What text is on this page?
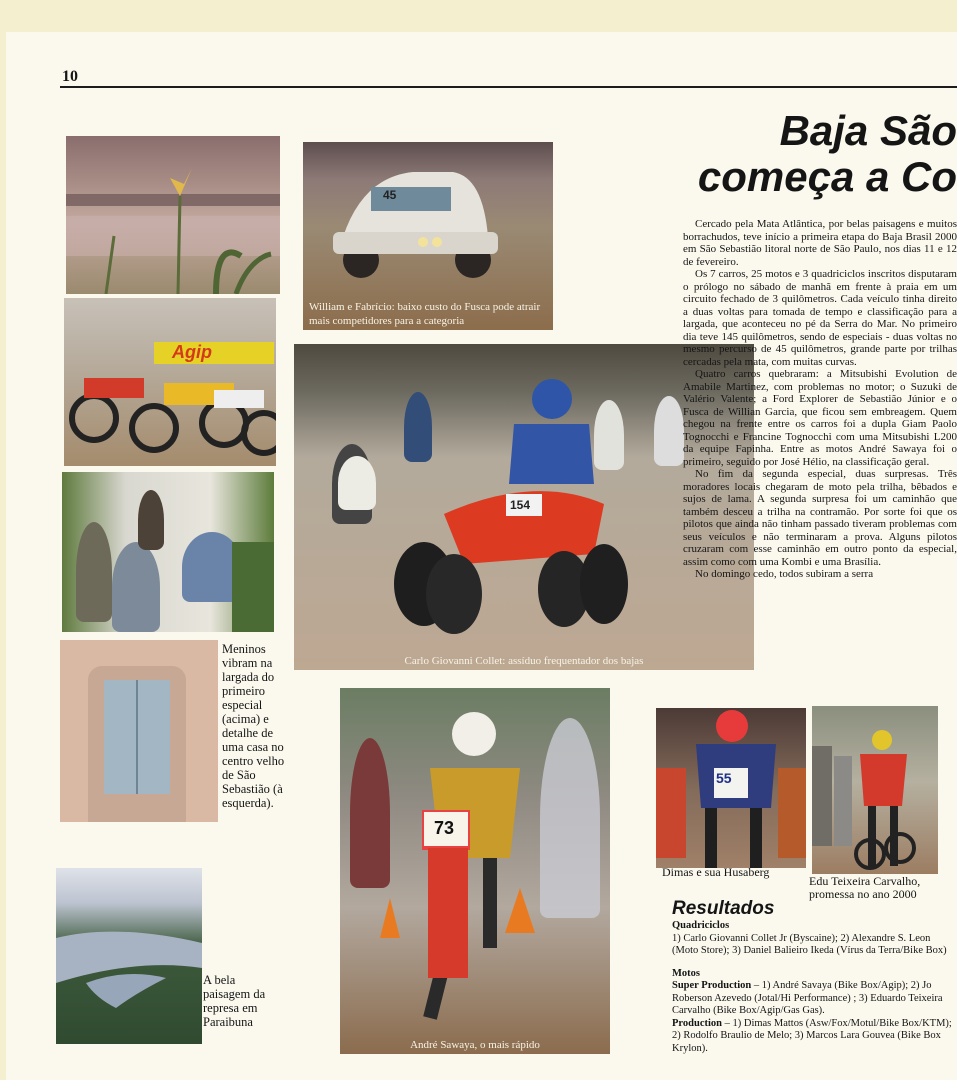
10
Agip
Meninos vibram na largada do primeiro especial (acima) e detalhe de uma casa no centro velho de São Sebastião (à esquerda).
A bela paisagem da represa em Paraibuna
45
William e Fabrício: baixo custo do Fusca pode atrair mais competidores para a categoria
154
Carlo Giovanni Collet: assíduo frequentador dos bajas
Baja São
começa a Co

Cercado pela Mata Atlântica, por belas paisagens e muitos borrachudos, teve início a primeira etapa do Baja Brasil 2000 em São Sebastião litoral norte de São Paulo, nos dias 11 e 12 de fevereiro.

Os 7 carros, 25 motos e 3 quadriciclos inscritos disputaram o prólogo no sábado de manhã em frente à praia em um circuito fechado de 3 quilômetros. Cada veículo tinha direito a duas voltas para tomada de tempo e classificação para a largada, que aconteceu no pé da Serra do Mar. No primeiro dia teve 145 quilômetros, sendo de especiais - duas voltas no mesmo percurso de 45 quilômetros, grande parte por trilhas cercadas pela mata, com muitas curvas.

Quatro carros quebraram: a Mitsubishi Evolution de Amabile Martinez, com problemas no motor; o Suzuki de Valério Valente; a Ford Explorer de Sebastião Júnior e o Fusca de Willian Garcia, que ficou sem embreagem. Quem chegou na frente entre os carros foi a dupla Giam Paolo Tognocchi e Francine Tognocchi com uma Mitsubishi L200 da equipe Fapinha. Entre as motos André Sawaya foi o primeiro, seguido por José Hélio, na classificação geral.

No fim da segunda especial, duas surpresas. Três moradores locais chegaram de moto pela trilha, bêbados e sujos de lama. A segunda surpresa foi um caminhão que também desceu a trilha na contramão. Por sorte foi que os pilotos que ainda não tinham passado tiveram problemas com seus veículos e não terminaram a prova. Alguns pilotos cruzaram com esse caminhão em outro ponto da especial, assim como com uma Kombi e uma Brasília.

No domingo cedo, todos subiram a serra

73
André Sawaya, o mais rápido
55
Dimas e sua Husaberg
Edu Teixeira Carvalho, promessa no ano 2000
Resultados
Quadriciclos
1) Carlo Giovanni Collet Jr (Byscaine); 2) Alexandre S. Leon (Moto Store); 3) Daniel Balieiro Ikeda (Vírus da Terra/Bike Box)
Motos
Super Production – 1) André Savaya (Bike Box/Agip); 2) Jo Roberson Azevedo (Jotal/Hi Performance) ; 3) Eduardo Teixeira Carvalho (Bike Box/Agip/Gas Gas).
Production – 1) Dimas Mattos (Asw/Fox/Motul/Bike Box/KTM); 2) Rodolfo Braulio de Melo; 3) Marcos Lara Gouvea (Bike Box Krylon).
